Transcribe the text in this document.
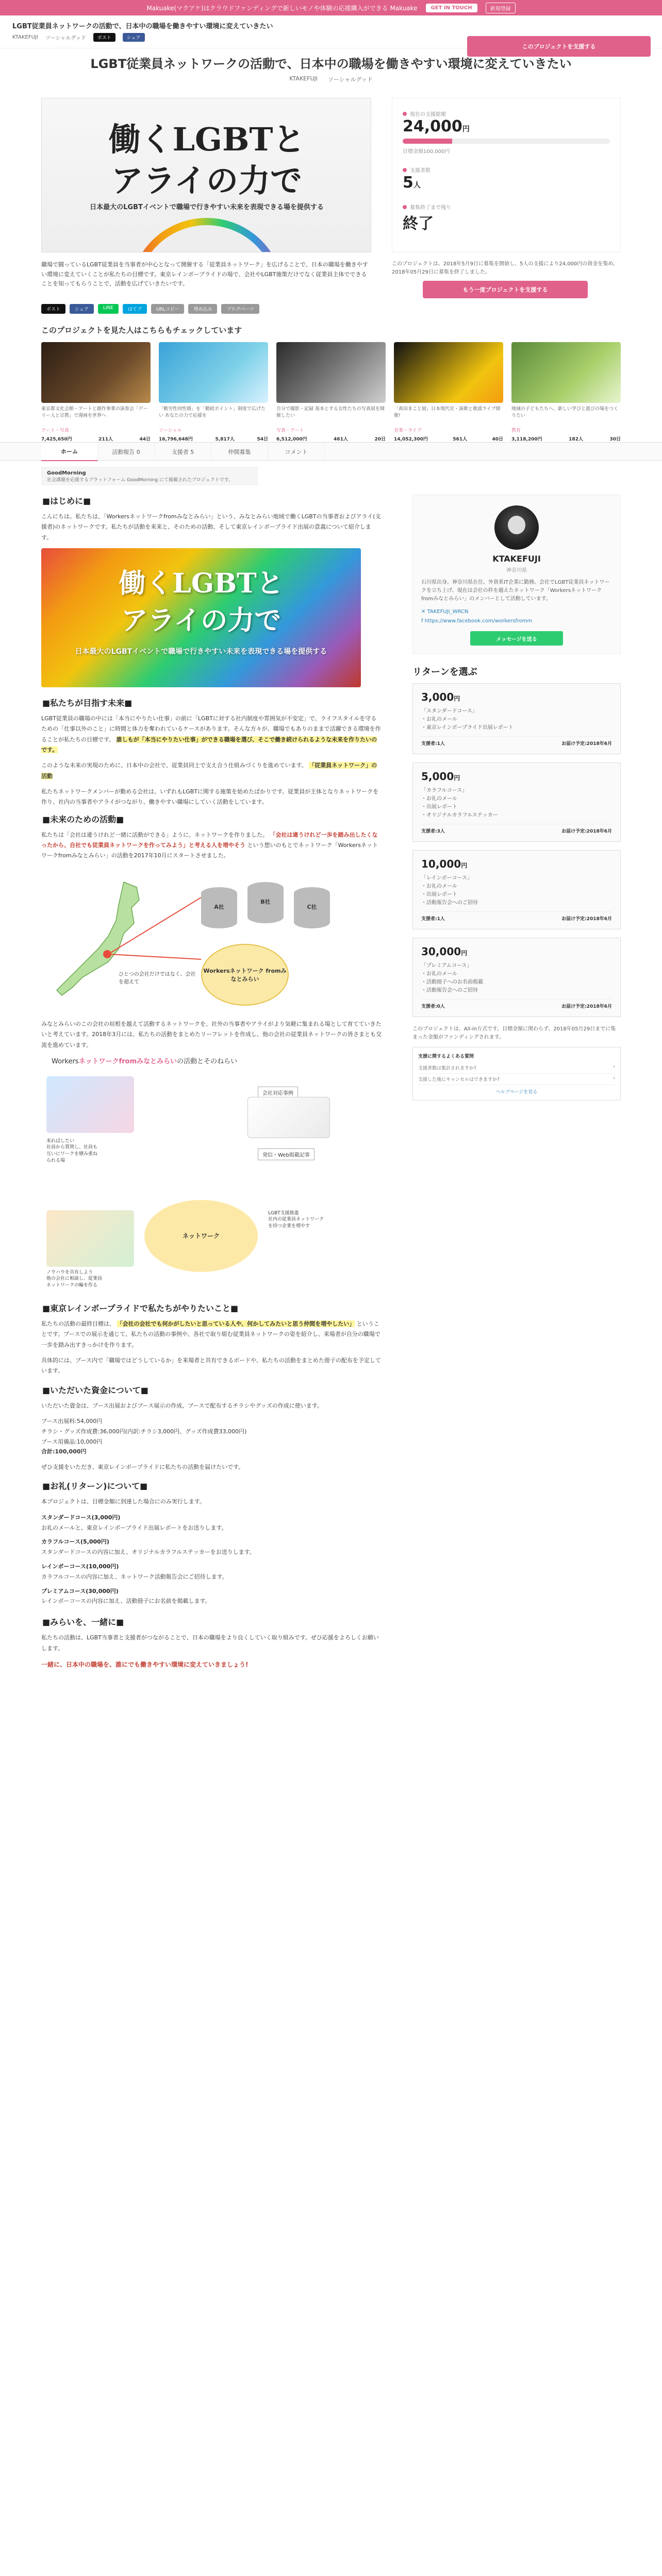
Makuake(マクアケ)はクラウドファンディングで新しいモノや体験の応援購入ができる Makuake	GET IN TOUCH	新規登録
LGBT従業員ネットワークの活動で、日本中の職場を働きやすい環境に変えていきたい
KTAKEFUJI ソーシャルグッド	ポスト	シェア
このプロジェクトを支援する
LGBT従業員ネットワークの活動で、日本中の職場を働きやすい環境に変えていきたい
KTAKEFUJI ソーシャルグッド
働くLGBTと
アライの力で
日本最大のLGBTイベントで職場で行きやすい未来を表現できる場を提供する
現在の支援総額
24,000円
目標金額100,000円
支援者数
5人
募集終了まで残り
終了
職場で闘っているLGBT従業員を当事者が中心となって開催する「従業員ネットワーク」を広げることで、日本の職場を働きやすい環境に変えていくことが私たちの目標です。東京レインボープライドの場で、会社やLGBT施策だけでなく従業員主体でできることを知ってもらうことで、活動を広げていきたいです。
このプロジェクトは、2018年5月9日に募集を開始し、5人の支援により24,000円の資金を集め、2018年05月29日に募集を終了しました。
もう一度プロジェクトを支援する
ポスト	シェア	LINE	はてブ	URLコピー	埋め込み	ブログパーツ
このプロジェクトを見た人はこちらもチェックしています
東京都文化会館・アートと創作事業の演奏会「ゲーリー人と宗教」で漫画を世界へ
アート・写真
7,425,650円	211人	44日
「勤労性同性婚」を「勤続ポイント」制度で広げたい あなたの力で応援を
ソーシャル
16,796,648円	5,817人	54日
自分で撮影・記録 基本とする女性たちの写真展を開催したい
写真・アート
6,512,000円	461人	20日
「真田まこと展」日本現代史・演歌と歌謡ライブ開催!
音楽・ライブ
14,052,300円	561人	40日
地域の子どもたちへ、新しい学びと遊びの場をつくりたい
教育
3,118,200円	182人	30日
ホーム	活動報告 0	支援者 5	仲間募集	コメント
GoodMorning
社会課題を応援するプラットフォーム GoodMorning にて掲載されたプロジェクトです。
■はじめに■
こんにちは。私たちは、「Workersネットワークfromみなとみらい」という、みなとみらい地域で働くLGBTの当事者およびアライ(支援者)のネットワークです。私たちが活動を来来と、そのための活動、そして東京レインボープライド出展の意義について紹介します。
働くLGBTと
アライの力で
日本最大のLGBTイベントで職場で行きやすい未来を表現できる場を提供する
■私たちが目指す未来■
LGBT従業員の職場の中には「本当にやりたい仕事」の前に「LGBTに対する社内制度や雰囲気が不安定」で、ライフスタイルを守るための「仕事以外のこと」に時間と体力を奪われているケースがあります。そんな方々が、職場でもありのままで活躍できる環境を作ることが私たちの目標です。 誰しもが「本当にやりたい仕事」ができる職場を選び、そこで働き続けられるような未来を作りたいのです。
このような未来の実現のために、日本中の会社で、従業員同士で支え合う仕組みづくりを進めています。 「従業員ネットワーク」の活動
私たちネットワークメンバーが勤める会社は、いずれもLGBTに関する施策を始めたばかりです。従業員が主体となりネットワークを作り、社内の当事者やアライがつながり、働きやすい職場にしていく活動をしています。
■未来のための活動■
私たちは「会社は違うけれど一緒に活動ができる」ように、ネットワークを作りました。 「会社は違うけれど一歩を踏み出したくなったから、自社でも従業員ネットワークを作ってみよう」と考える人を増やそう という想いのもとでネットワーク「Workersネットワークfromみなとみらい」の活動を2017年10月にスタートさせました。
A社
B社
C社
Workersネットワーク fromみなとみらい
ひとつの会社だけではなく、会社を超えて
みなとみらいのこの会社の垣根を越えて活動するネットワークを、社外の当事者やアライがより気軽に集まれる場として育てていきたいと考えています。2018年3月には、私たちの活動をまとめたリーフレットを作成し、他の会社の従業員ネットワークの皆さまとも交流を進めています。
Workersネットワークfromみなとみらいの活動とそのねらい
会社対応事例
発信・Web掲載記事
ネットワーク
来ればしたい
社員から質問し、社員も
互いにワークを積み重ね
られる場
ノウハウを共有しよう
他の会社に相談し、従業員
ネットワークの輪を作る
LGBT支援推進
社内の従業員ネットワーク
を持つ企業を増やす
■東京レインボープライドで私たちがやりたいこと■
私たちの活動の最終目標は、 「会社の会社でも何かがしたいと思っている人や、何かしてみたいと思う仲間を増やしたい」 ということです。ブースでの展示を通じて、私たちの活動の事例や、各社で取り組む従業員ネットワークの姿を紹介し、来場者が自分の職場で一歩を踏み出すきっかけを作ります。
具体的には、ブース内で「職場ではどうしているか」を来場者と共有できるボードや、私たちの活動をまとめた冊子の配布を予定しています。
■いただいた資金について■
いただいた資金は、ブース出展およびブース展示の作成、ブースで配布するチラシやグッズの作成に使います。
ブース出展料:54,000円
チラシ・グッズ作成費:36,000円(内訳:チラシ3,000円、グッズ作成費33,000円)
ブース用備品:10,000円
合計:100,000円
ぜひ支援をいただき、東京レインボープライドに私たちの活動を届けたいです。
■お礼(リターン)について■
本プロジェクトは、目標金額に到達した場合にのみ実行します。
スタンダードコース(3,000円)
お礼のメールと、東京レインボープライド出展レポートをお送りします。
カラフルコース(5,000円)
スタンダードコースの内容に加え、オリジナルカラフルステッカーをお送りします。
レインボーコース(10,000円)
カラフルコースの内容に加え、ネットワーク活動報告会にご招待します。
プレミアムコース(30,000円)
レインボーコースの内容に加え、活動冊子にお名前を掲載します。
■みらいを、一緒に■
私たちの活動は、LGBT当事者と支援者がつながることで、日本の職場をより良くしていく取り組みです。ぜひ応援をよろしくお願いします。
一緒に、日本中の職場を、誰にでも働きやすい環境に変えていきましょう!
KTAKEFUJI
神奈川県
石川県出身。神奈川県在住。外資系IT企業に勤務。会社でLGBT従業員ネットワークを立ち上げ、現在は会社の枠を越えたネットワーク「Workersネットワークfromみなとみらい」のメンバーとして活動しています。
✕ TAKEFUJI_WRCN
f https://www.facebook.com/workersfromm
メッセージを送る
リターンを選ぶ
3,000円
「スタンダードコース」
・お礼のメール
・東京レインボープライド出展レポート
支援者:1人	お届け予定:2018年6月
5,000円
「カラフルコース」
・お礼のメール
・出展レポート
・オリジナルカラフルステッカー
支援者:3人	お届け予定:2018年6月
10,000円
「レインボーコース」
・お礼のメール
・出展レポート
・活動報告会へのご招待
支援者:1人	お届け予定:2018年6月
30,000円
「プレミアムコース」
・お礼のメール
・活動冊子へのお名前掲載
・活動報告会へのご招待
支援者:0人	お届け予定:2018年6月
このプロジェクトは、All-in方式です。目標金額に関わらず、2018年05月29日までに集まった金額がファンディングされます。
支援に関するよくある質問
支援者数は集計されますか?	›
支援した後にキャンセルはできますか?	›
ヘルプページを見る
